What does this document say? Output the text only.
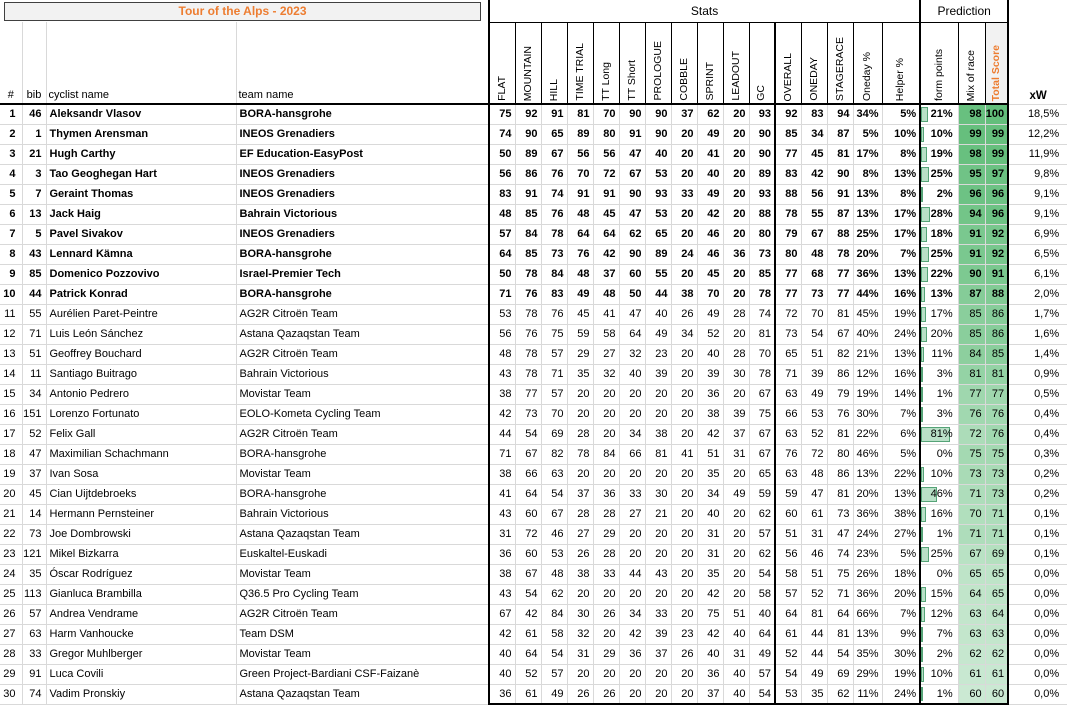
Tour of the Alps - 2023				Stats																Prediction			
#	bib	cyclist name	team name	FLAT	MOUNTAIN	HILL	TIME TRIAL	TT Long	TT Short	PROLOGUE	COBBLE	SPRINT	LEADOUT	GC	OVERALL	ONEDAY	STAGERACE	Oneday %	Helper %	form points	Mix of race	Total Score	xW
1	46	Aleksandr Vlasov	BORA-hansgrohe	75	92	91	81	70	90	90	37	62	20	93	92	83	94	34%	5%	21%	98	100	18,5%
2	1	Thymen Arensman	INEOS Grenadiers	74	90	65	89	80	91	90	20	49	20	90	85	34	87	5%	10%	10%	99	99	12,2%
3	21	Hugh Carthy	EF Education-EasyPost	50	89	67	56	56	47	40	20	41	20	90	77	45	81	17%	8%	19%	98	99	11,9%
4	3	Tao Geoghegan Hart	INEOS Grenadiers	56	86	76	70	72	67	53	20	40	20	89	83	42	90	8%	13%	25%	95	97	9,8%
5	7	Geraint Thomas	INEOS Grenadiers	83	91	74	91	91	90	93	33	49	20	93	88	56	91	13%	8%	2%	96	96	9,1%
6	13	Jack Haig	Bahrain Victorious	48	85	76	48	45	47	53	20	42	20	88	78	55	87	13%	17%	28%	94	96	9,1%
7	5	Pavel Sivakov	INEOS Grenadiers	57	84	78	64	64	62	65	20	46	20	80	79	67	88	25%	17%	18%	91	92	6,9%
8	43	Lennard Kämna	BORA-hansgrohe	64	85	73	76	42	90	89	24	46	36	73	80	48	78	20%	7%	25%	91	92	6,5%
9	85	Domenico Pozzovivo	Israel-Premier Tech	50	78	84	48	37	60	55	20	45	20	85	77	68	77	36%	13%	22%	90	91	6,1%
10	44	Patrick Konrad	BORA-hansgrohe	71	76	83	49	48	50	44	38	70	20	78	77	73	77	44%	16%	13%	87	88	2,0%
11	55	Aurélien Paret-Peintre	AG2R Citroën Team	53	78	76	45	41	47	40	26	49	28	74	72	70	81	45%	19%	17%	85	86	1,7%
12	71	Luis León Sánchez	Astana Qazaqstan Team	56	76	75	59	58	64	49	34	52	20	81	73	54	67	40%	24%	20%	85	86	1,6%
13	51	Geoffrey Bouchard	AG2R Citroën Team	48	78	57	29	27	32	23	20	40	28	70	65	51	82	21%	13%	11%	84	85	1,4%
14	11	Santiago Buitrago	Bahrain Victorious	43	78	71	35	32	40	39	20	39	30	78	71	39	86	12%	16%	3%	81	81	0,9%
15	34	Antonio Pedrero	Movistar Team	38	77	57	20	20	20	20	20	36	20	67	63	49	79	19%	14%	1%	77	77	0,5%
16	151	Lorenzo Fortunato	EOLO-Kometa Cycling Team	42	73	70	20	20	20	20	20	38	39	75	66	53	76	30%	7%	3%	76	76	0,4%
17	52	Felix Gall	AG2R Citroën Team	44	54	69	28	20	34	38	20	42	37	67	63	52	81	22%	6%	81%	72	76	0,4%
18	47	Maximilian Schachmann	BORA-hansgrohe	71	67	82	78	84	66	81	41	51	31	67	76	72	80	46%	5%	0%	75	75	0,3%
19	37	Ivan Sosa	Movistar Team	38	66	63	20	20	20	20	20	35	20	65	63	48	86	13%	22%	10%	73	73	0,2%
20	45	Cian Uijtdebroeks	BORA-hansgrohe	41	64	54	37	36	33	30	20	34	49	59	59	47	81	20%	13%	46%	71	73	0,2%
21	14	Hermann Pernsteiner	Bahrain Victorious	43	60	67	28	28	27	21	20	40	20	62	60	61	73	36%	38%	16%	70	71	0,1%
22	73	Joe Dombrowski	Astana Qazaqstan Team	31	72	46	27	29	20	20	20	31	20	57	51	31	47	24%	27%	1%	71	71	0,1%
23	121	Mikel Bizkarra	Euskaltel-Euskadi	36	60	53	26	28	20	20	20	31	20	62	56	46	74	23%	5%	25%	67	69	0,1%
24	35	Óscar Rodríguez	Movistar Team	38	67	48	38	33	44	43	20	35	20	54	58	51	75	26%	18%	0%	65	65	0,0%
25	113	Gianluca Brambilla	Q36.5 Pro Cycling Team	43	54	62	20	20	20	20	20	42	20	58	57	52	71	36%	20%	15%	64	65	0,0%
26	57	Andrea Vendrame	AG2R Citroën Team	67	42	84	30	26	34	33	20	75	51	40	64	81	64	66%	7%	12%	63	64	0,0%
27	63	Harm Vanhoucke	Team DSM	42	61	58	32	20	42	39	23	42	40	64	61	44	81	13%	9%	7%	63	63	0,0%
28	33	Gregor Muhlberger	Movistar Team	40	64	54	31	29	36	37	26	40	31	49	52	44	54	35%	30%	2%	62	62	0,0%
29	91	Luca Covili	Green Project-Bardiani CSF-Faizanè	40	52	57	20	20	20	20	20	36	40	57	54	49	69	29%	19%	10%	61	61	0,0%
30	74	Vadim Pronskiy	Astana Qazaqstan Team	36	61	49	26	26	20	20	20	37	40	54	53	35	62	11%	24%	1%	60	60	0,0%
